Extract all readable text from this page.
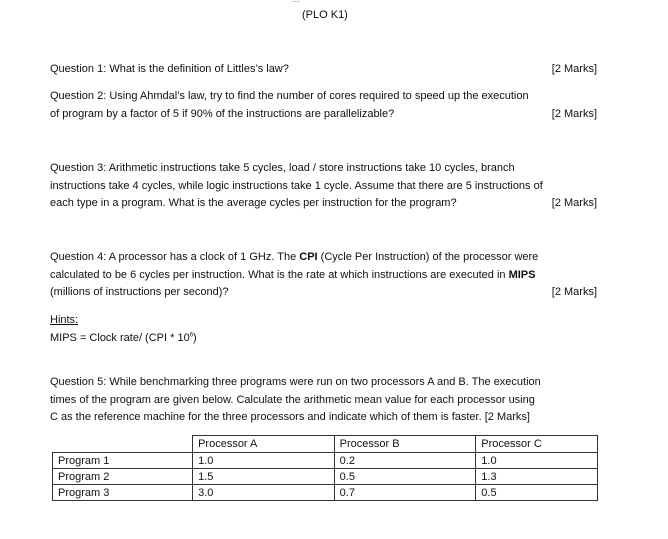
(PLO K1)
Question 1: What is the definition of Littles’s law?	[2 Marks]
Question 2: Using Ahmdal’s law, try to find the number of cores required to speed up the execution
of program by a factor of 5 if 90% of the instructions are parallelizable?	[2 Marks]
Question 3: Arithmetic instructions take 5 cycles, load / store instructions take 10 cycles, branch
instructions take 4 cycles, while logic instructions take 1 cycle. Assume that there are 5 instructions of
each type in a program. What is the average cycles per instruction for the program?	[2 Marks]
Question 4: A processor has a clock of 1 GHz. The CPI (Cycle Per Instruction) of the processor were
calculated to be 6 cycles per instruction. What is the rate at which instructions are executed in MIPS
(millions of instructions per second)?	[2 Marks]
Hints:
MIPS = Clock rate/ $(CPI * 10^6)$
Question 5: While benchmarking three programs were run on two processors A and B. The execution
times of the program are given below. Calculate the arithmetic mean value for each processor using
C as the reference machine for the three processors and indicate which of them is faster. [2 Marks]
	Processor A	Processor B	Processor C
Program 1	1.0	0.2	1.0
Program 2	1.5	0.5	1.3
Program 3	3.0	0.7	0.5
